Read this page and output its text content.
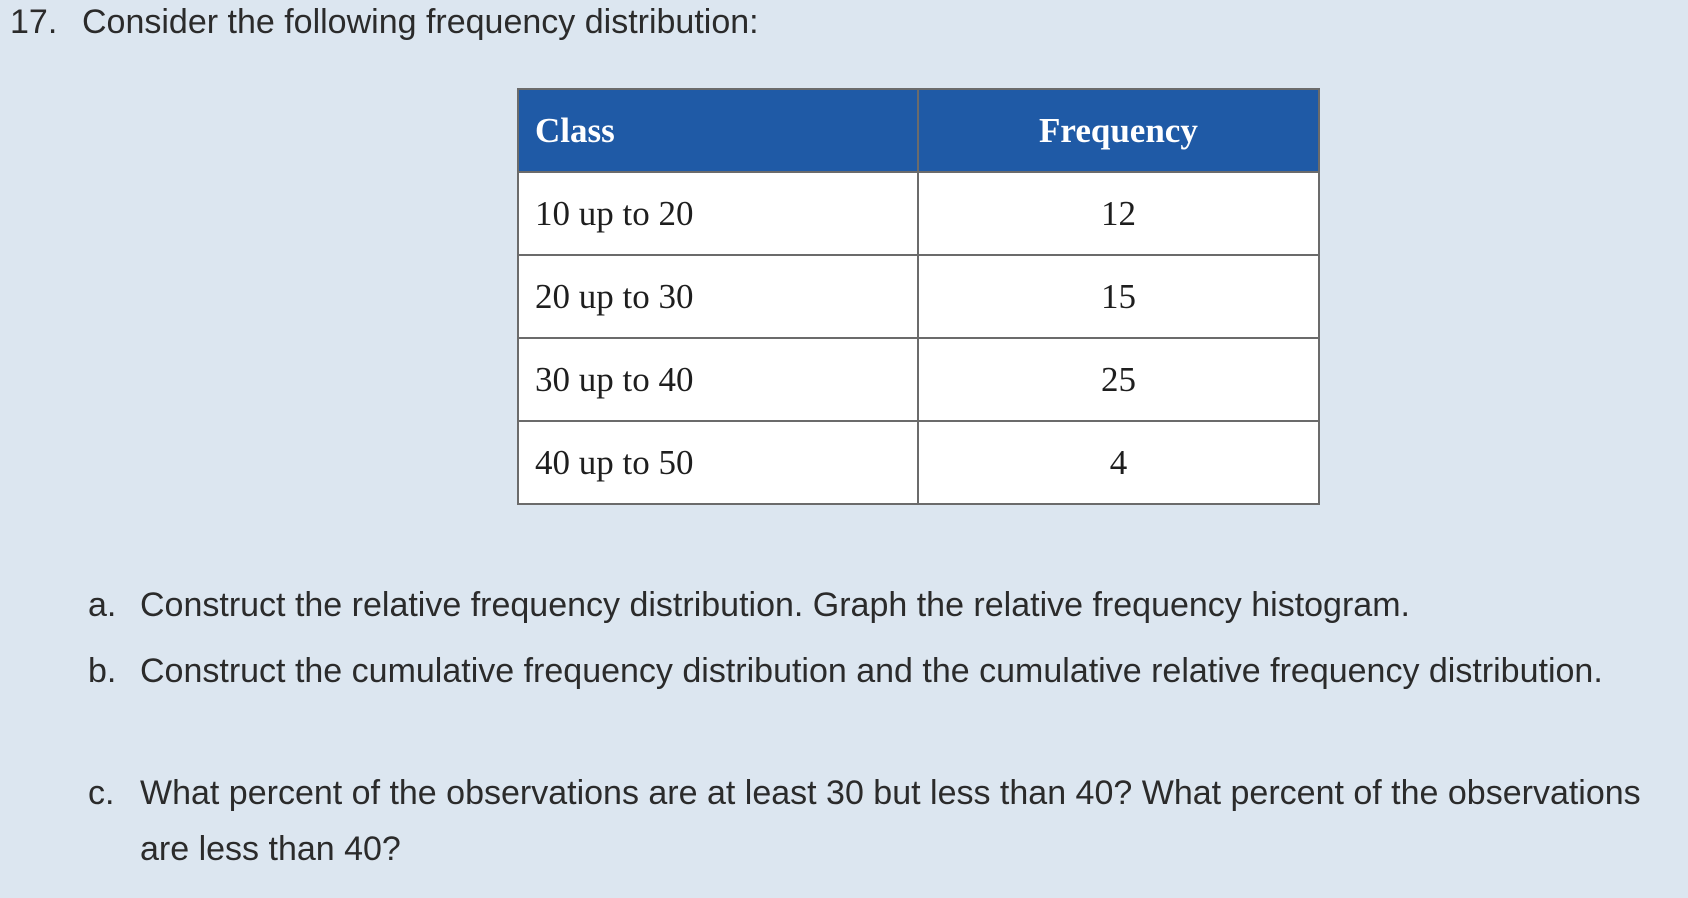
17. Consider the following frequency distribution:
Class	Frequency
10 up to 20	12
20 up to 30	15
30 up to 40	25
40 up to 50	4
a. Construct the relative frequency distribution. Graph the relative frequency histogram.
b. Construct the cumulative frequency distribution and the cumulative relative frequency distribution.
c. What percent of the observations are at least 30 but less than 40? What percent of the observations are less than 40?
